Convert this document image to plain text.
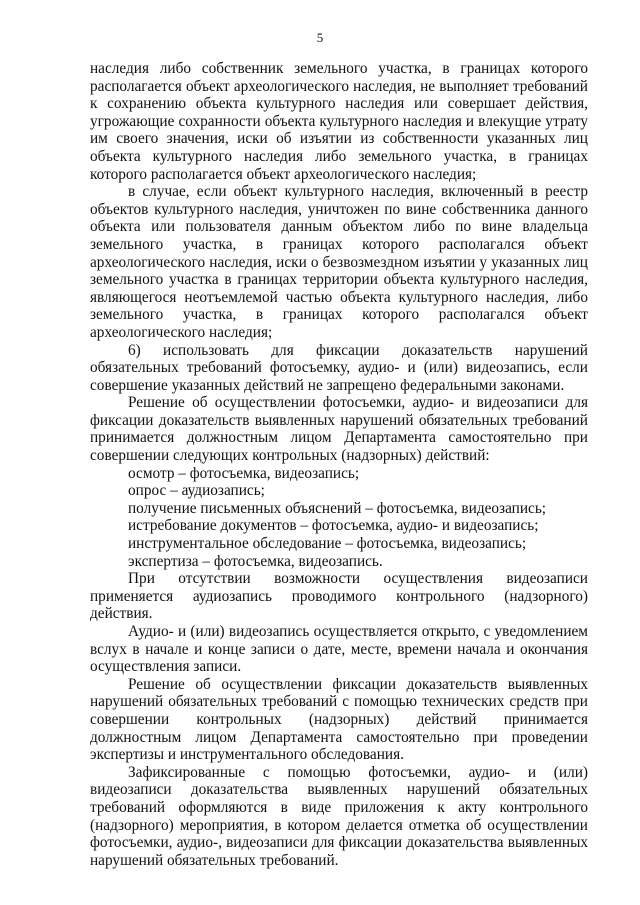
5

наследия либо собственник земельного участка, в границах которого располагается объект археологического наследия, не выполняет требований к сохранению объекта культурного наследия или совершает действия, угрожающие сохранности объекта культурного наследия и влекущие утрату им своего значения, иски об изъятии из собственности указанных лиц объекта культурного наследия либо земельного участка, в границах которого располагается объект археологического наследия;

в случае, если объект культурного наследия, включенный в реестр объектов культурного наследия, уничтожен по вине собственника данного объекта или пользователя данным объектом либо по вине владельца земельного участка, в границах которого располагался объект археологического наследия, иски о безвозмездном изъятии у указанных лиц земельного участка в границах территории объекта культурного наследия, являющегося неотъемлемой частью объекта культурного наследия, либо земельного участка, в границах которого располагался объект археологического наследия;

6) использовать для фиксации доказательств нарушений обязательных требований фотосъемку, аудио- и (или) видеозапись, если совершение указанных действий не запрещено федеральными законами.

Решение об осуществлении фотосъемки, аудио- и видеозаписи для фиксации доказательств выявленных нарушений обязательных требований принимается должностным лицом Департамента самостоятельно при совершении следующих контрольных (надзорных) действий:

осмотр – фотосъемка, видеозапись;

опрос – аудиозапись;

получение письменных объяснений – фотосъемка, видеозапись;

истребование документов – фотосъемка, аудио- и видеозапись;

инструментальное обследование – фотосъемка, видеозапись;

экспертиза – фотосъемка, видеозапись.

При отсутствии возможности осуществления видеозаписи применяется аудиозапись проводимого контрольного (надзорного) действия.

Аудио- и (или) видеозапись осуществляется открыто, с уведомлением вслух в начале и конце записи о дате, месте, времени начала и окончания осуществления записи.

Решение об осуществлении фиксации доказательств выявленных нарушений обязательных требований с помощью технических средств при совершении контрольных (надзорных) действий принимается должностным лицом Департамента самостоятельно при проведении экспертизы и инструментального обследования.

Зафиксированные с помощью фотосъемки, аудио- и (или) видеозаписи доказательства выявленных нарушений обязательных требований оформляются в виде приложения к акту контрольного (надзорного) мероприятия, в котором делается отметка об осуществлении фотосъемки, аудио-, видеозаписи для фиксации доказательства выявленных нарушений обязательных требований.
